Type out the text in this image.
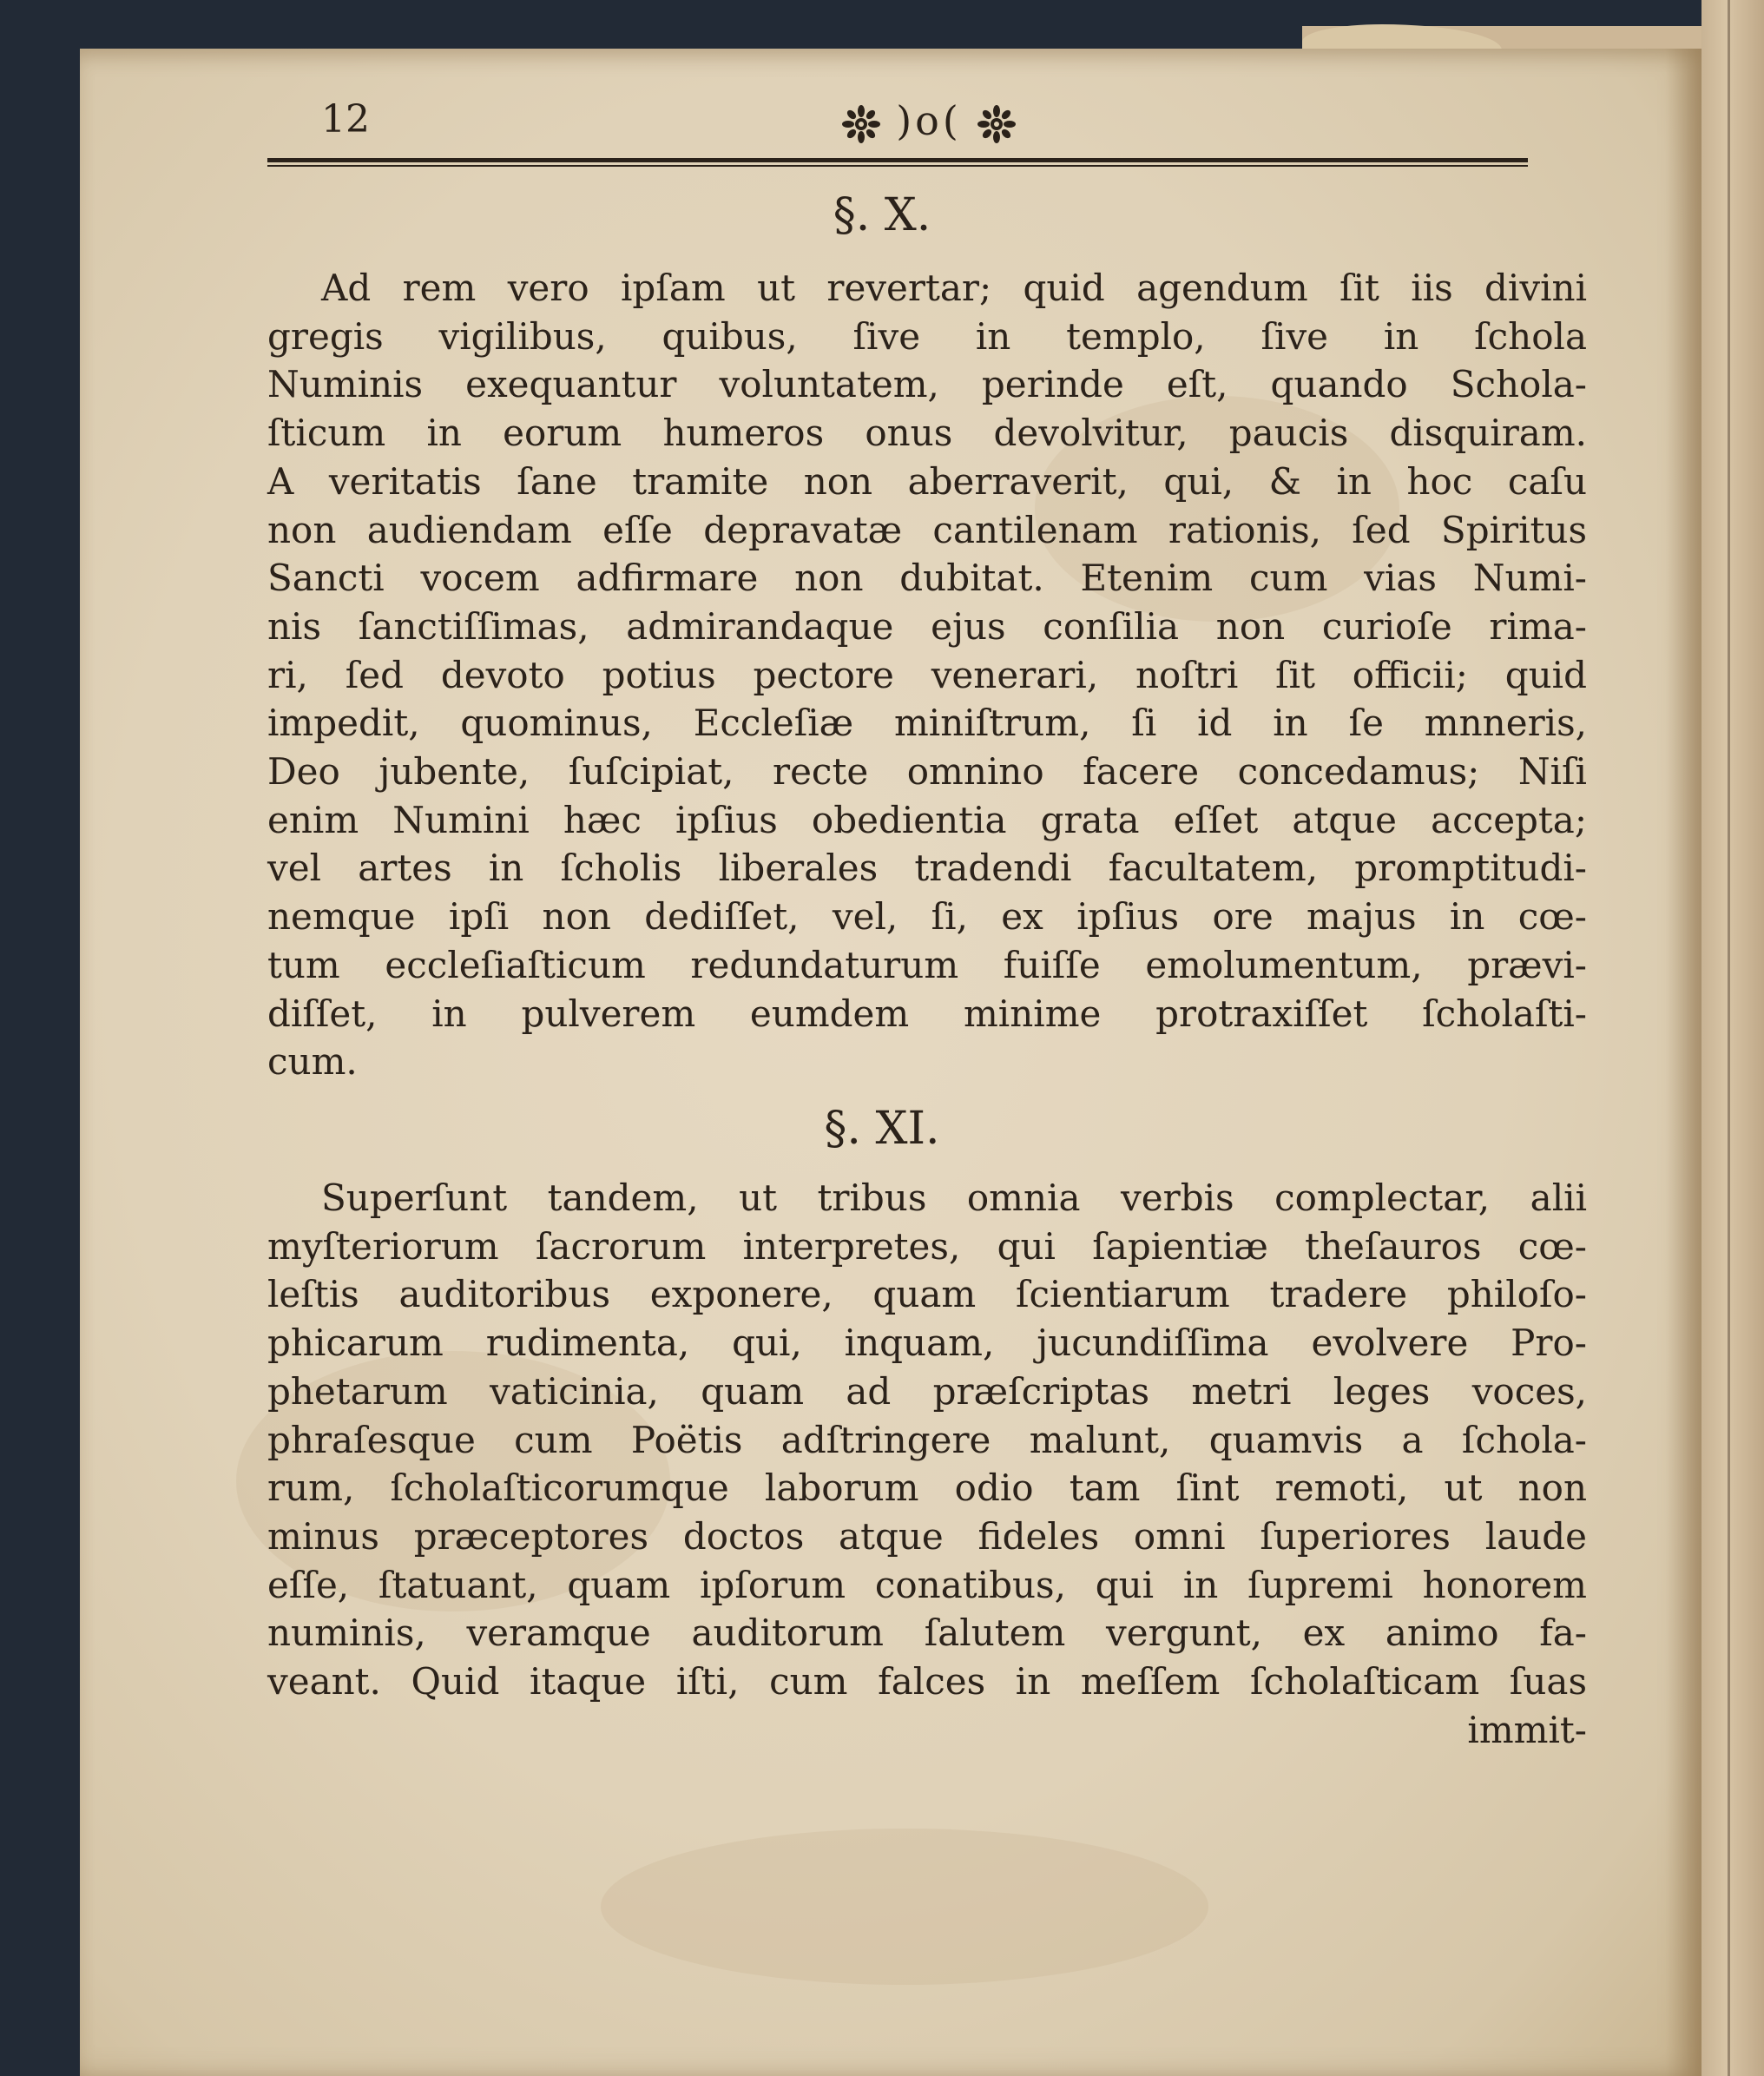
12	)o(
§. X.
Ad rem vero ipſam ut revertar; quid agendum ſit iis divini
gregis vigilibus, quibus, ſive in templo, ſive in ſchola
Numinis exequantur voluntatem, perinde eſt, quando Schola-
ſticum in eorum humeros onus devolvitur, paucis disquiram.
A veritatis ſane tramite non aberraverit, qui, & in hoc caſu
non audiendam eſſe depravatæ cantilenam rationis, ſed Spiritus
Sancti vocem adfirmare non dubitat. Etenim cum vias Numi-
nis ſanctiſſimas, admirandaque ejus conſilia non curioſe rima-
ri, ſed devoto potius pectore venerari, noſtri ſit officii; quid
impedit, quominus, Eccleſiæ miniſtrum, ſi id in ſe mnneris,
Deo jubente, ſuſcipiat, recte omnino facere concedamus; Niſi
enim Numini hæc ipſius obedientia grata eſſet atque accepta;
vel artes in ſcholis liberales tradendi facultatem, promptitudi-
nemque ipſi non dediſſet, vel, ſi, ex ipſius ore majus in cœ-
tum eccleſiaſticum redundaturum fuiſſe emolumentum, prævi-
diſſet, in pulverem eumdem minime protraxiſſet ſcholaſti-
cum.
§. XI.
Superſunt tandem, ut tribus omnia verbis complectar, alii
myſteriorum ſacrorum interpretes, qui ſapientiæ theſauros cœ-
leſtis auditoribus exponere, quam ſcientiarum tradere philoſo-
phicarum rudimenta, qui, inquam, jucundiſſima evolvere Pro-
phetarum vaticinia, quam ad præſcriptas metri leges voces,
phraſesque cum Poëtis adſtringere malunt, quamvis a ſchola-
rum, ſcholaſticorumque laborum odio tam ſint remoti, ut non
minus præceptores doctos atque fideles omni ſuperiores laude
eſſe, ſtatuant, quam ipſorum conatibus, qui in ſupremi honorem
numinis, veramque auditorum ſalutem vergunt, ex animo fa-
veant. Quid itaque iſti, cum falces in meſſem ſcholaſticam ſuas
immit-
